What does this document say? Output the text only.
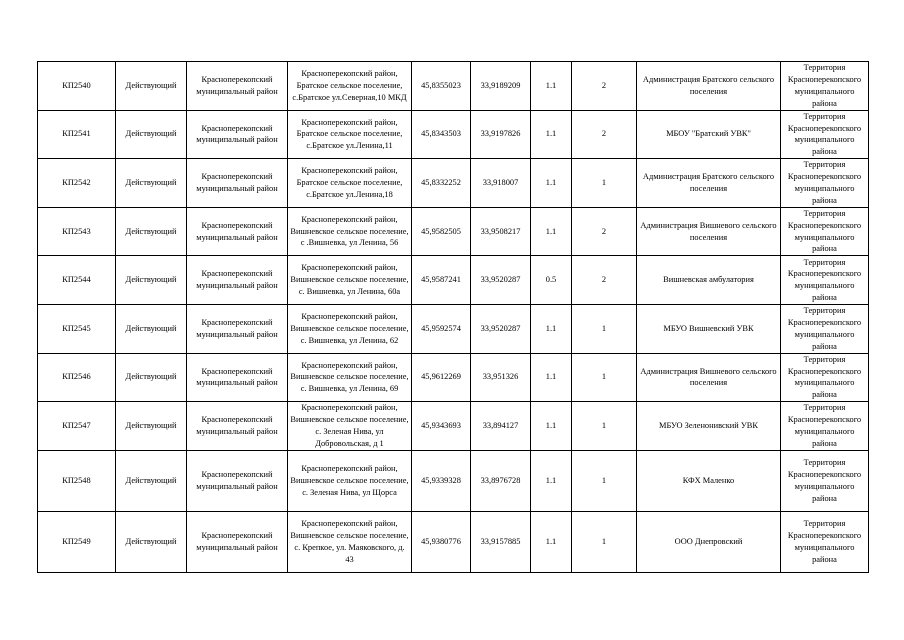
КП2540	Действующий	Красноперекопский муниципальный район	Красноперекопский район, Братское сельское поселение, с.Братское ул.Северная,10 МКД	45,8355023	33,9189209	1.1	2	Администрация Братского сельского поселения	Территория Красноперекопского муниципального района
КП2541	Действующий	Красноперекопский муниципальный район	Красноперекопский район, Братское сельское поселение, с.Братское ул.Ленина,11	45,8343503	33,9197826	1.1	2	МБОУ "Братский УВК"	Территория Красноперекопского муниципального района
КП2542	Действующий	Красноперекопский муниципальный район	Красноперекопский район, Братское сельское поселение, с.Братское ул.Ленина,18	45,8332252	33,918007	1.1	1	Администрация Братского сельского поселения	Территория Красноперекопского муниципального района
КП2543	Действующий	Красноперекопский муниципальный район	Красноперекопский район, Вишневское сельское поселение, с .Вишневка, ул Ленина, 56	45,9582505	33,9508217	1.1	2	Администрация Вишневого сельского поселения	Территория Красноперекопского муниципального района
КП2544	Действующий	Красноперекопский муниципальный район	Красноперекопский район, Вишневское сельское поселение, с. Вишневка, ул Ленина, 60а	45,9587241	33,9520287	0.5	2	Вишневская амбулатория	Территория Красноперекопского муниципального района
КП2545	Действующий	Красноперекопский муниципальный район	Красноперекопский район, Вишневское сельское поселение, с. Вишневка, ул Ленина, 62	45,9592574	33,9520287	1.1	1	МБУО Вишневский УВК	Территория Красноперекопского муниципального района
КП2546	Действующий	Красноперекопский муниципальный район	Красноперекопский район, Вишневское сельское поселение, с. Вишневка, ул Ленина, 69	45,9612269	33,951326	1.1	1	Администрация Вишневого сельского поселения	Территория Красноперекопского муниципального района
КП2547	Действующий	Красноперекопский муниципальный район	Красноперекопский район, Вишневское сельское поселение, с. Зеленая Нива, ул Добровольская, д 1	45,9343693	33,894127	1.1	1	МБУО Зеленонивский УВК	Территория Красноперекопского муниципального района
КП2548	Действующий	Красноперекопский муниципальный район	Красноперекопский район, Вишневское сельское поселение, с. Зеленая Нива, ул Щорса	45,9339328	33,8976728	1.1	1	КФХ Маленко	Территория Красноперекопского муниципального района
КП2549	Действующий	Красноперекопский муниципальный район	Красноперекопский район, Вишневское сельское поселение, с. Крепкое, ул. Маяковского, д. 43	45,9380776	33,9157885	1.1	1	ООО Днепровский	Территория Красноперекопского муниципального района
